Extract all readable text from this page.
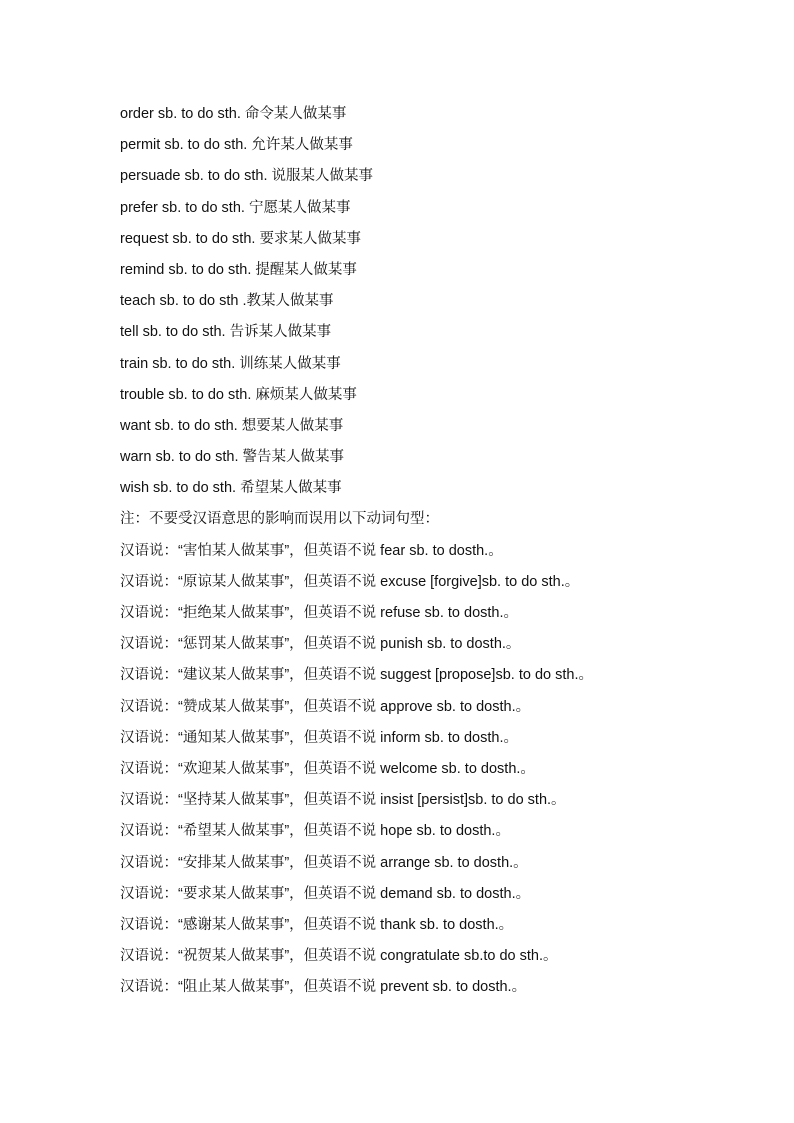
order sb. to do sth. 命令某人做某事
permit sb. to do sth. 允许某人做某事
persuade sb. to do sth. 说服某人做某事
prefer sb. to do sth. 宁愿某人做某事
request sb. to do sth. 要求某人做某事
remind sb. to do sth. 提醒某人做某事
teach sb. to do sth .教某人做某事
tell sb. to do sth. 告诉某人做某事
train sb. to do sth. 训练某人做某事
trouble sb. to do sth. 麻烦某人做某事
want sb. to do sth. 想要某人做某事
warn sb. to do sth. 警告某人做某事
wish sb. to do sth. 希望某人做某事
注：不要受汉语意思的影响而误用以下动词句型：
汉语说：“害怕某人做某事”，但英语不说 fear sb. to dosth.。
汉语说：“原谅某人做某事”，但英语不说 excuse [forgive]sb. to do sth.。
汉语说：“拒绝某人做某事”，但英语不说 refuse sb. to dosth.。
汉语说：“惩罚某人做某事”，但英语不说 punish sb. to dosth.。
汉语说：“建议某人做某事”，但英语不说 suggest [propose]sb. to do sth.。
汉语说：“赞成某人做某事”，但英语不说 approve sb. to dosth.。
汉语说：“通知某人做某事”，但英语不说 inform sb. to dosth.。
汉语说：“欢迎某人做某事”，但英语不说 welcome sb. to dosth.。
汉语说：“坚持某人做某事”，但英语不说 insist [persist]sb. to do sth.。
汉语说：“希望某人做某事”，但英语不说 hope sb. to dosth.。
汉语说：“安排某人做某事”，但英语不说 arrange sb. to dosth.。
汉语说：“要求某人做某事”，但英语不说 demand sb. to dosth.。
汉语说：“感谢某人做某事”，但英语不说 thank sb. to dosth.。
汉语说：“祝贺某人做某事”，但英语不说 congratulate sb.to do sth.。
汉语说：“阻止某人做某事”，但英语不说 prevent sb. to dosth.。
